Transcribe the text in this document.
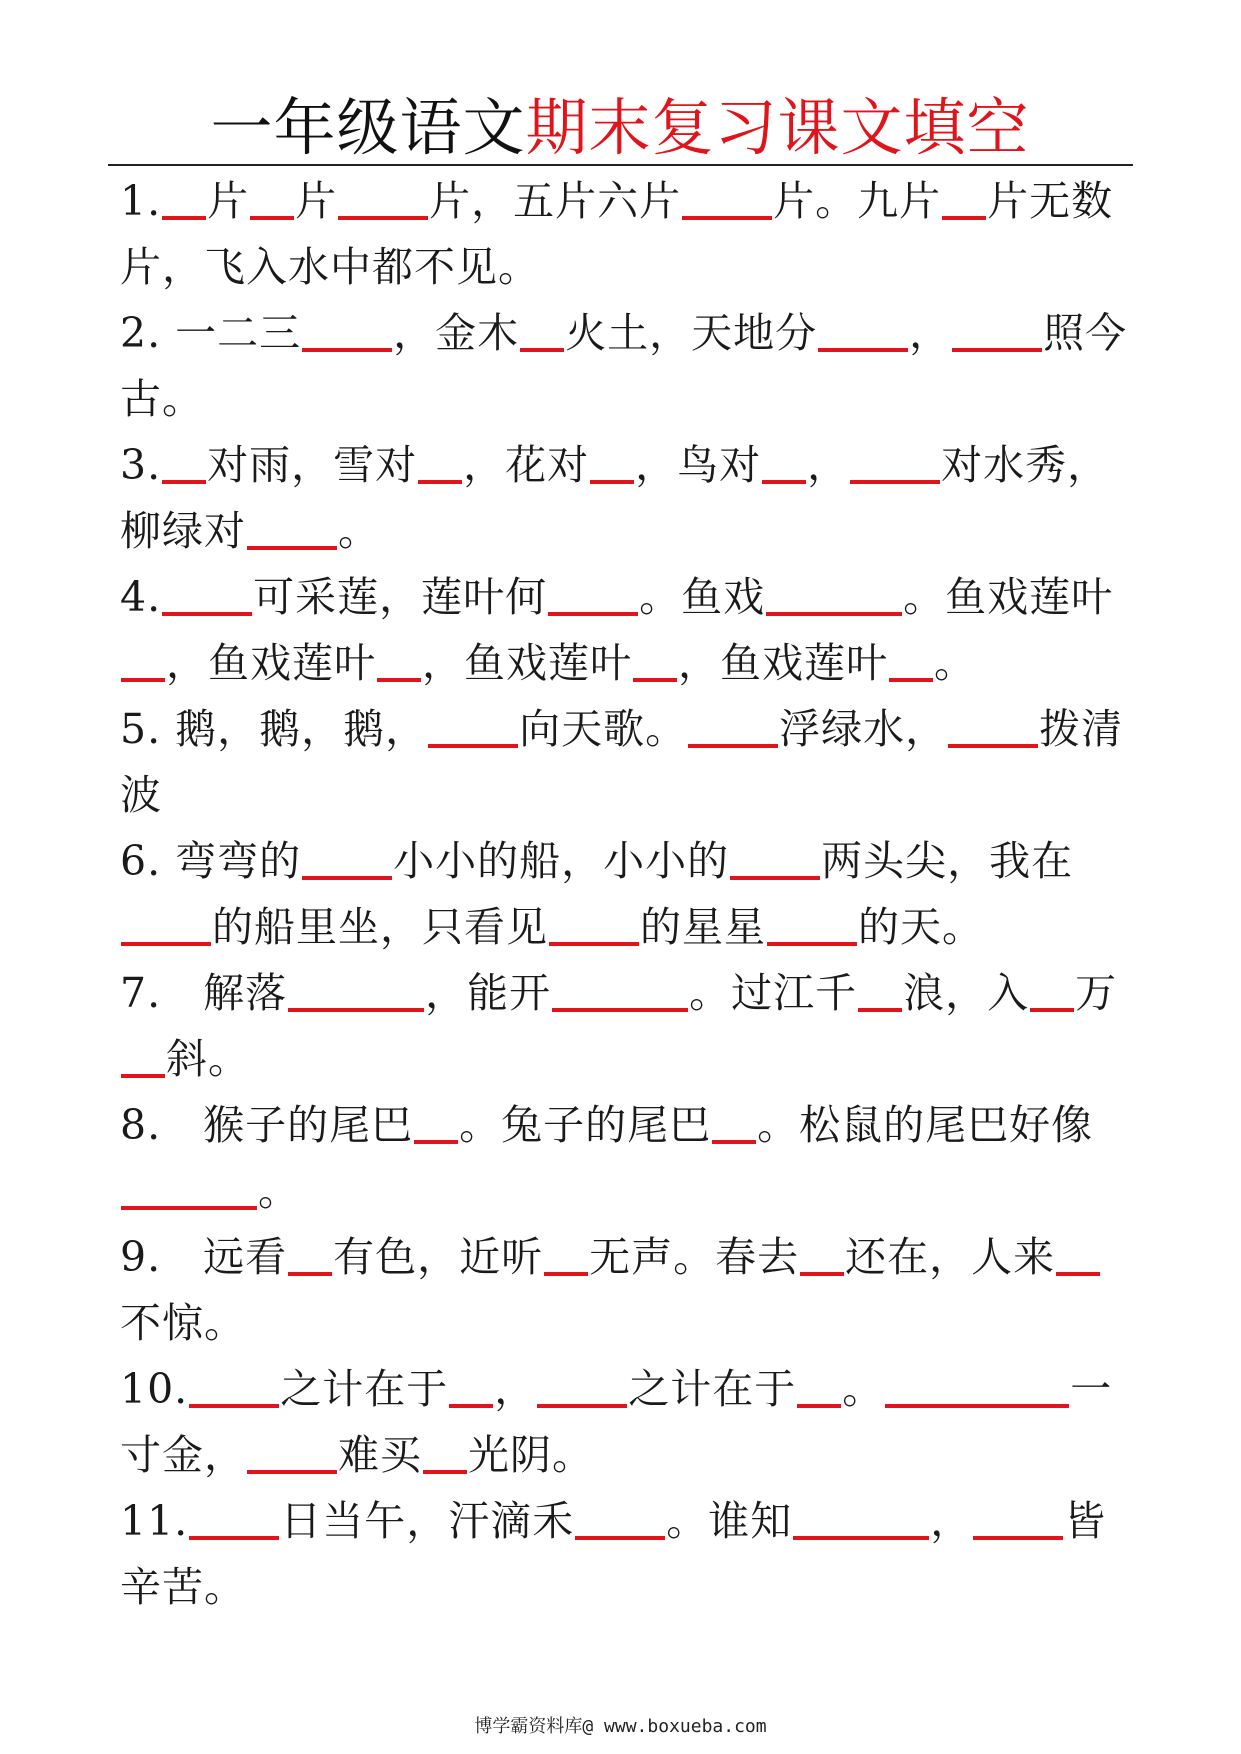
一年级语文期末复习课文填空

1. 片 片 片，五片六片 片。九片 片无数片，飞入水中都不见。

2. 一二三 ，金木 火土，天地分 ， 照今古。

3. 对雨，雪对 ，花对 ，鸟对 ， 对水秀，柳绿对 。

4. 可采莲，莲叶何 。鱼戏	。鱼戏莲叶，鱼戏莲叶 ，鱼戏莲叶 ，鱼戏莲叶 。

5. 鹅，鹅，鹅， 向天歌。 浮绿水， 拨清波

6. 弯弯的 小小的船，小小的 两头尖，我在的船里坐，只看见 的星星 的天。

7.　解落	，能开	。过江千 浪，入 万斜。

8.　猴子的尾巴 。兔子的尾巴 。松鼠的尾巴好像。

9.　远看 有色，近听 无声。春去 还在，人来不惊。

10. 之计在于 ， 之计在于 。	一寸金， 难买 光阴。

11. 日当午，汗滴禾 。谁知	， 皆辛苦。

博学霸资料库@ www.boxueba.com
